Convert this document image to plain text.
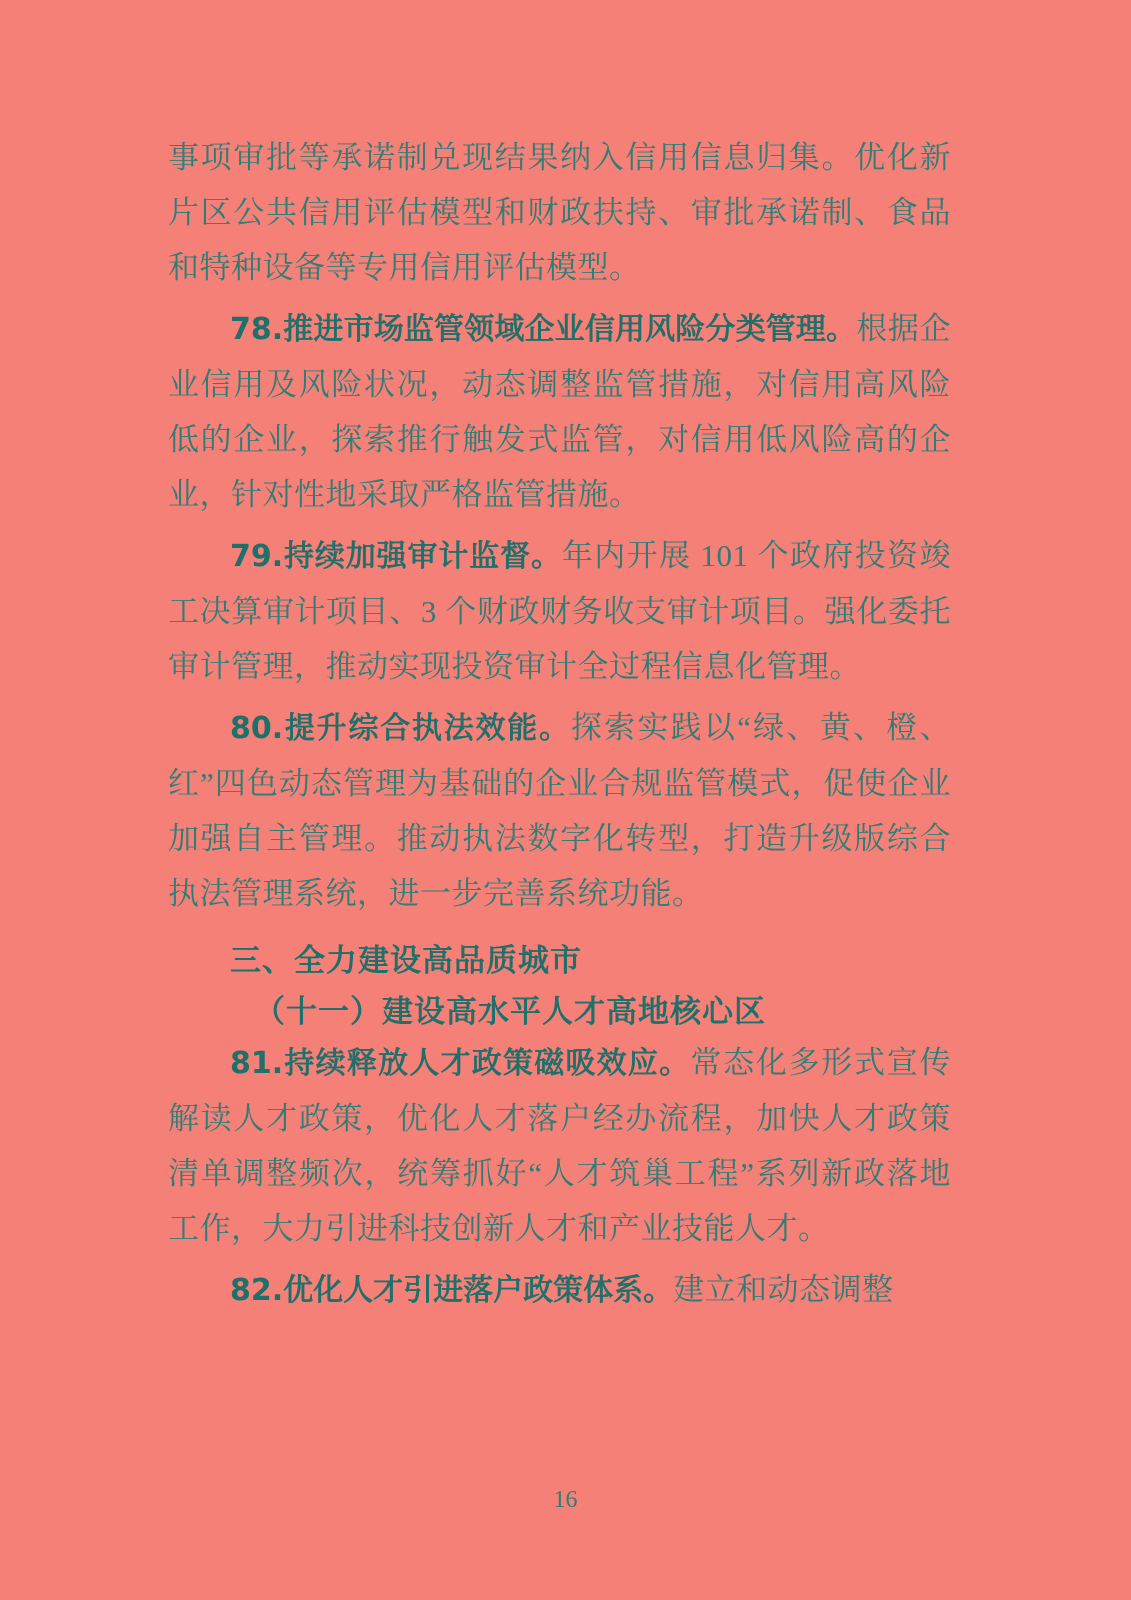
事项审批等承诺制兑现结果纳入信用信息归集。优化新片区公共信用评估模型和财政扶持、审批承诺制、食品和特种设备等专用信用评估模型。

78.推进市场监管领域企业信用风险分类管理。根据企业信用及风险状况，动态调整监管措施，对信用高风险低的企业，探索推行触发式监管，对信用低风险高的企业，针对性地采取严格监管措施。

79.持续加强审计监督。年内开展 101 个政府投资竣工决算审计项目、3 个财政财务收支审计项目。强化委托审计管理，推动实现投资审计全过程信息化管理。

80.提升综合执法效能。探索实践以“绿、黄、橙、红”四色动态管理为基础的企业合规监管模式，促使企业加强自主管理。推动执法数字化转型，打造升级版综合执法管理系统，进一步完善系统功能。

三、全力建设高品质城市

（十一）建设高水平人才高地核心区

81.持续释放人才政策磁吸效应。常态化多形式宣传解读人才政策，优化人才落户经办流程，加快人才政策清单调整频次，统筹抓好“人才筑巢工程”系列新政落地工作，大力引进科技创新人才和产业技能人才。

82.优化人才引进落户政策体系。建立和动态调整

16
